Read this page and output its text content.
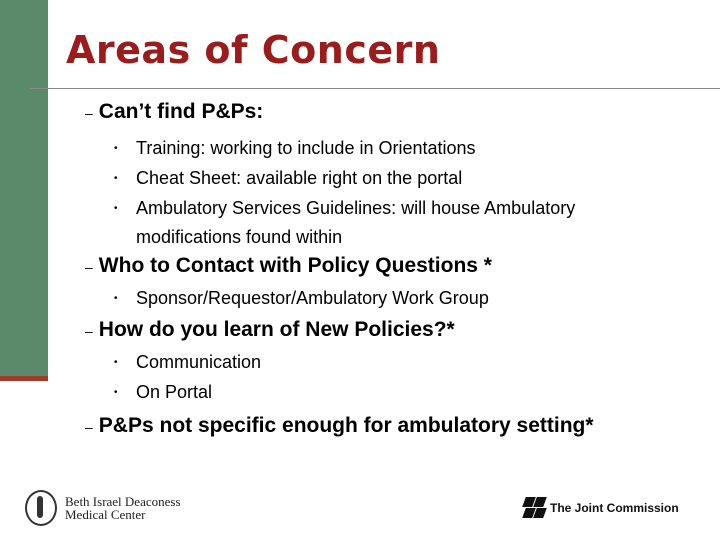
Areas of Concern
– Can’t find P&Ps:
• Training: working to include in Orientations
• Cheat Sheet: available right on the portal
• Ambulatory Services Guidelines: will house Ambulatory
modifications found within
– Who to Contact with Policy Questions *
• Sponsor/Requestor/Ambulatory Work Group
– How do you learn of New Policies?*
• Communication
• On Portal
– P&Ps not specific enough for ambulatory setting*
Beth Israel Deaconess
Medical Center	The Joint Commission
